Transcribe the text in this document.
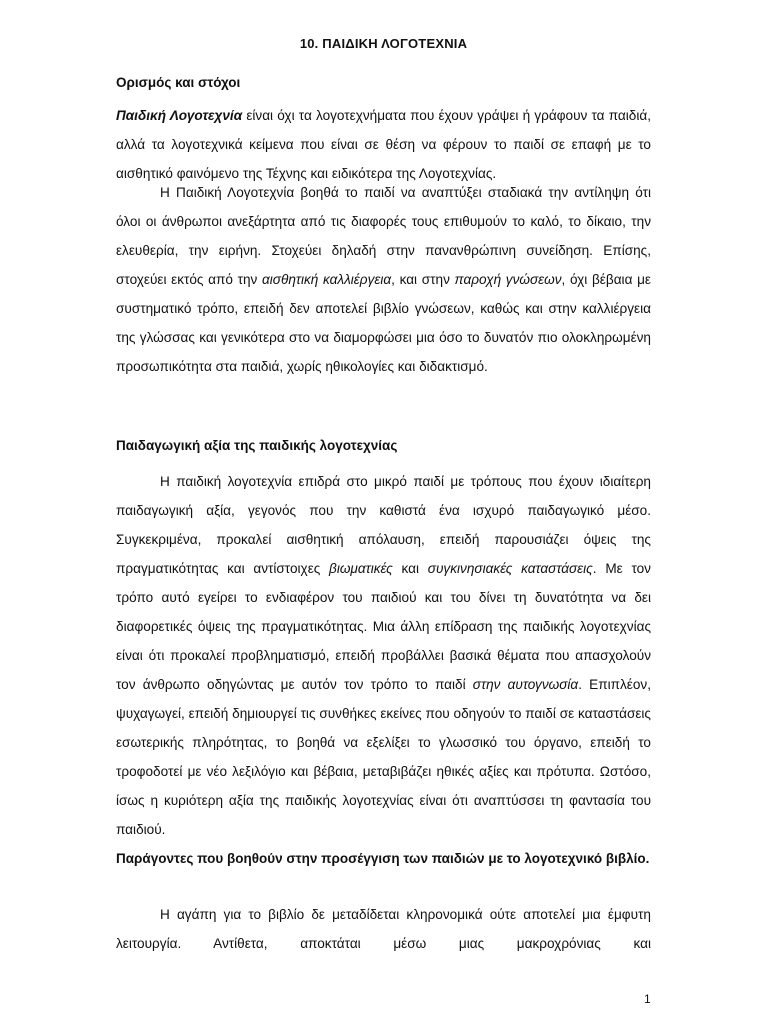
10. ΠΑΙΔΙΚΗ ΛΟΓΟΤΕΧΝΙΑ
Ορισμός και στόχοι

Παιδική Λογοτεχνία είναι όχι τα λογοτεχνήματα που έχουν γράψει ή γράφουν τα παιδιά, αλλά τα λογοτεχνικά κείμενα που είναι σε θέση να φέρουν το παιδί σε επαφή με το αισθητικό φαινόμενο της Τέχνης και ειδικότερα της Λογοτεχνίας.

Η Παιδική Λογοτεχνία βοηθά το παιδί να αναπτύξει σταδιακά την αντίληψη ότι όλοι οι άνθρωποι ανεξάρτητα από τις διαφορές τους επιθυμούν το καλό, το δίκαιο, την ελευθερία, την ειρήνη. Στοχεύει δηλαδή στην πανανθρώπινη συνείδηση. Επίσης, στοχεύει εκτός από την αισθητική καλλιέργεια, και στην παροχή γνώσεων, όχι βέβαια με συστηματικό τρόπο, επειδή δεν αποτελεί βιβλίο γνώσεων, καθώς και στην καλλιέργεια της γλώσσας και γενικότερα στο να διαμορφώσει μια όσο το δυνατόν πιο ολοκληρωμένη προσωπικότητα στα παιδιά, χωρίς ηθικολογίες και διδακτισμό.

Παιδαγωγική αξία της παιδικής λογοτεχνίας

Η παιδική λογοτεχνία επιδρά στο μικρό παιδί με τρόπους που έχουν ιδιαίτερη παιδαγωγική αξία, γεγονός που την καθιστά ένα ισχυρό παιδαγωγικό μέσο. Συγκεκριμένα, προκαλεί αισθητική απόλαυση, επειδή παρουσιάζει όψεις της πραγματικότητας και αντίστοιχες βιωματικές και συγκινησιακές καταστάσεις. Με τον τρόπο αυτό εγείρει το ενδιαφέρον του παιδιού και του δίνει τη δυνατότητα να δει διαφορετικές όψεις της πραγματικότητας. Μια άλλη επίδραση της παιδικής λογοτεχνίας είναι ότι προκαλεί προβληματισμό, επειδή προβάλλει βασικά θέματα που απασχολούν τον άνθρωπο οδηγώντας με αυτόν τον τρόπο το παιδί στην αυτογνωσία. Επιπλέον, ψυχαγωγεί, επειδή δημιουργεί τις συνθήκες εκείνες που οδηγούν το παιδί σε καταστάσεις εσωτερικής πληρότητας, το βοηθά να εξελίξει το γλωσσικό του όργανο, επειδή το τροφοδοτεί με νέο λεξιλόγιο και βέβαια, μεταβιβάζει ηθικές αξίες και πρότυπα. Ωστόσο, ίσως η κυριότερη αξία της παιδικής λογοτεχνίας είναι ότι αναπτύσσει τη φαντασία του παιδιού.

Παράγοντες που βοηθούν στην προσέγγιση των παιδιών με το λογοτεχνικό βιβλίο.

Η αγάπη για το βιβλίο δε μεταδίδεται κληρονομικά ούτε αποτελεί μια έμφυτη λειτουργία. Αντίθετα, αποκτάται μέσω μιας μακροχρόνιας και

1
